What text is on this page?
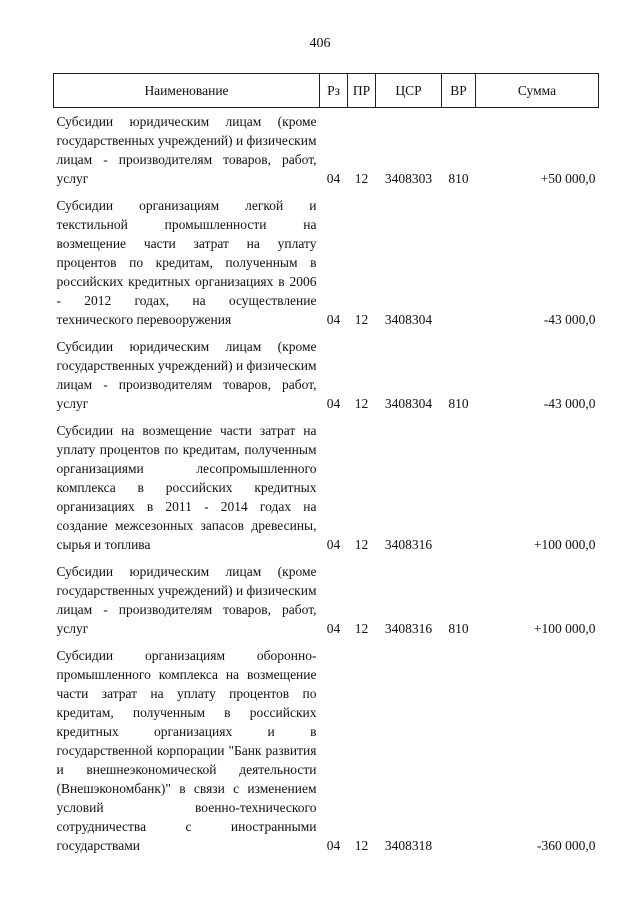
406
Наименование	Рз	ПР	ЦСР	ВР	Сумма
Субсидии юридическим лицам (кроме государственных учреждений) и физическим лицам - производителям товаров, работ, услуг	04	12	3408303	810	+50 000,0
Субсидии организациям легкой и текстильной промышленности на возмещение части затрат на уплату процентов по кредитам, полученным в российских кредитных организациях в 2006 - 2012 годах, на осуществление технического перевооружения	04	12	3408304		-43 000,0
Субсидии юридическим лицам (кроме государственных учреждений) и физическим лицам - производителям товаров, работ, услуг	04	12	3408304	810	-43 000,0
Субсидии на возмещение части затрат на уплату процентов по кредитам, полученным организациями лесопромышленного комплекса в российских кредитных организациях в 2011 - 2014 годах на создание межсезонных запасов древесины, сырья и топлива	04	12	3408316		+100 000,0
Субсидии юридическим лицам (кроме государственных учреждений) и физическим лицам - производителям товаров, работ, услуг	04	12	3408316	810	+100 000,0
Субсидии организациям оборонно-промышленного комплекса на возмещение части затрат на уплату процентов по кредитам, полученным в российских кредитных организациях и в государственной корпорации "Банк развития и внешнеэкономической деятельности (Внешэкономбанк)" в связи с изменением условий военно-технического сотрудничества с иностранными государствами	04	12	3408318		-360 000,0
